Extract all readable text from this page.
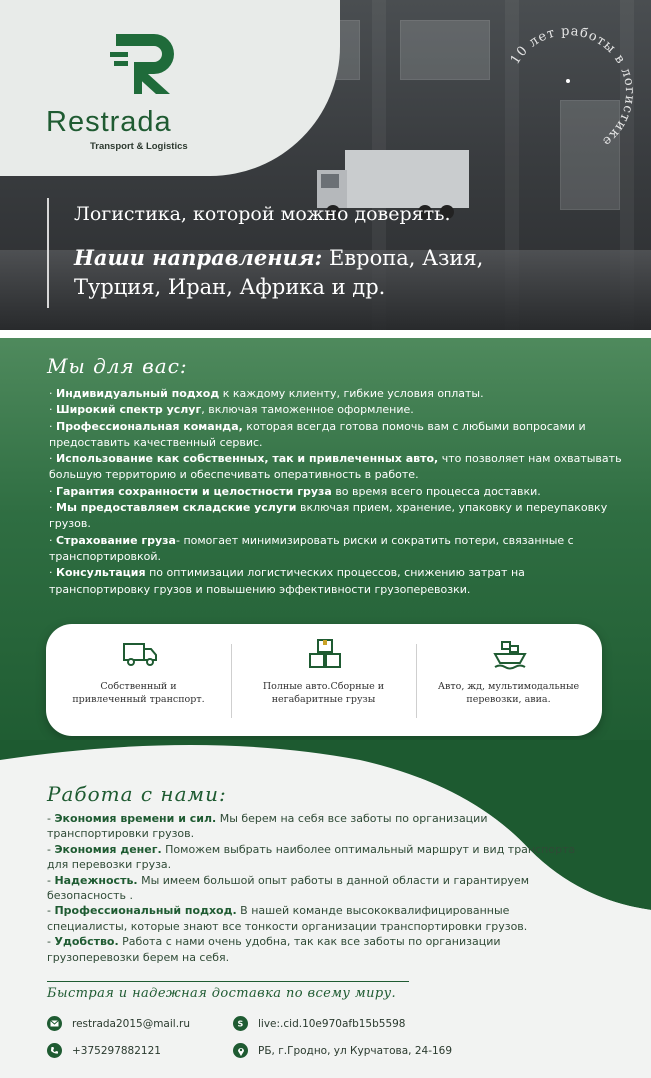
Restrada
Transport & Logistics
10 лет работы в логистике
Логистика, которой можно доверять.
Наши направления: Европа, Азия, Турция, Иран, Африка и др.
Мы для вас:
· Индивидуальный подход к каждому клиенту, гибкие условия оплаты.
· Широкий спектр услуг, включая таможенное оформление.
· Профессиональная команда, которая всегда готова помочь вам с любыми вопросами и предоставить качественный сервис.
· Использование как собственных, так и привлеченных авто, что позволяет нам охватывать большую территорию и обеспечивать оперативность в работе.
· Гарантия сохранности и целостности груза во время всего процесса доставки.
· Мы предоставляем складские услуги включая прием, хранение, упаковку и переупаковку грузов.
· Страхование груза- помогает минимизировать риски и сократить потери, связанные с транспортировкой.
· Консультация по оптимизации логистических процессов, снижению затрат на транспортировку грузов и повышению эффективности грузоперевозки.
Собственный и привлеченный транспорт.
Полные авто.Сборные и негабаритные грузы
Авто, жд, мультимодальные перевозки, авиа.
Работа с нами:
- Экономия времени и сил. Мы берем на себя все заботы по организации транспортировки грузов.
- Экономия денег. Поможем выбрать наиболее оптимальный маршрут и вид транспорта для перевозки груза.
- Надежность. Мы имеем большой опыт работы в данной области и гарантируем безопасность .
- Профессиональный подход. В нашей команде высококвалифицированные специалисты, которые знают все тонкости организации транспортировки грузов.
- Удобство. Работа с нами очень удобна, так как все заботы по организации грузоперевозки берем на себя.
Быстрая и надежная доставка по всему миру.
restrada2015@mail.ru	S live:.cid.10e970afb15b5598
+375297882121	РБ, г.Гродно, ул Курчатова, 24-169
